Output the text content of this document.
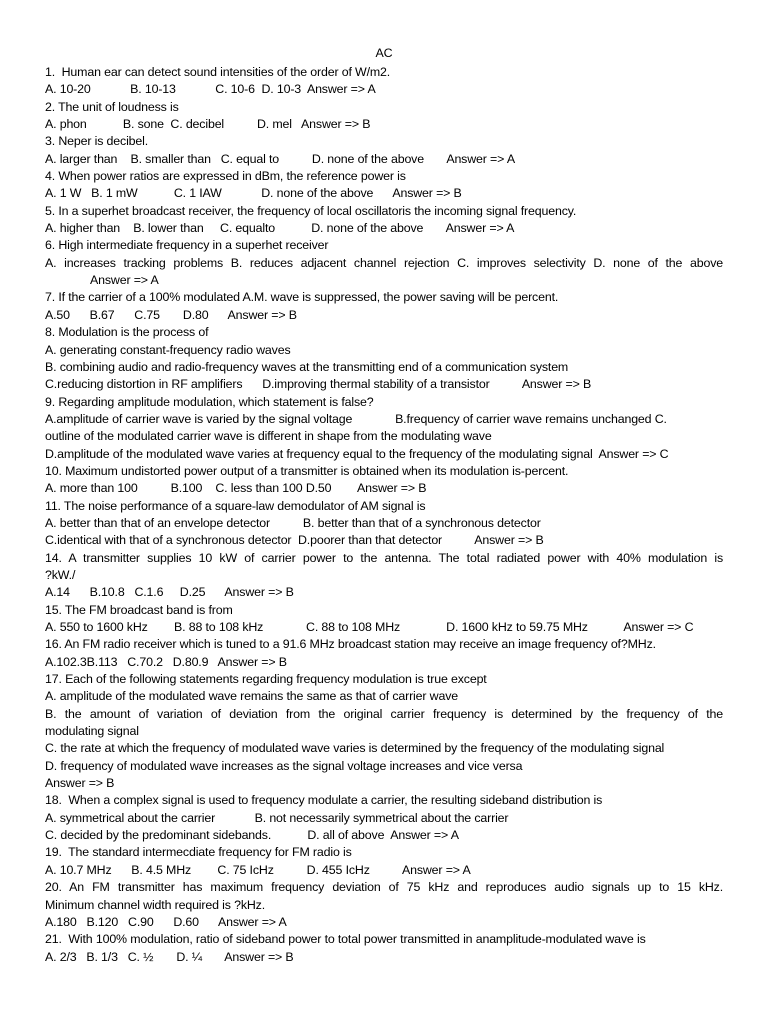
AC
1.  Human ear can detect sound intensities of the order of W/m2.
A. 10-20            B. 10-13            C. 10-6  D. 10-3  Answer => A
2. The unit of loudness is
A. phon           B. sone  C. decibel          D. mel   Answer => B
3. Neper is decibel.
A. larger than    B. smaller than   C. equal to          D. none of the above       Answer => A
4. When power ratios are expressed in dBm, the reference power is
A. 1 W   B. 1 mW           C. 1 IAW            D. none of the above      Answer => B
5. In a superhet broadcast receiver, the frequency of local oscillatoris the incoming signal frequency.
A. higher than    B. lower than     C. equalto           D. none of the above       Answer => A
6. High intermediate frequency in a superhet receiver
A. increases tracking problems B. reduces adjacent channel rejection C. improves selectivity D. none of the above
Answer => A
7. If the carrier of a 100% modulated A.M. wave is suppressed, the power saving will be percent.
A.50      B.67      C.75       D.80      Answer => B
8. Modulation is the process of
A. generating constant-frequency radio waves
B. combining audio and radio-frequency waves at the transmitting end of a communication system
C.reducing distortion in RF amplifiers      D.improving thermal stability of a transistor          Answer => B
9. Regarding amplitude modulation, which statement is false?
A.amplitude of carrier wave is varied by the signal voltage             B.frequency of carrier wave remains unchanged C.
outline of the modulated carrier wave is different in shape from the modulating wave
D.amplitude of the modulated wave varies at frequency equal to the frequency of the modulating signal  Answer => C
10. Maximum undistorted power output of a transmitter is obtained when its modulation is-percent.
A. more than 100          B.100    C. less than 100 D.50        Answer => B
11. The noise performance of a square-law demodulator of AM signal is
A. better than that of an envelope detector          B. better than that of a synchronous detector
C.identical with that of a synchronous detector  D.poorer than that detector          Answer => B
14. A transmitter supplies 10 kW of carrier power to the antenna. The total radiated power with 40% modulation is
?kW./
A.14      B.10.8   C.1.6     D.25      Answer => B
15. The FM broadcast band is from
A. 550 to 1600 kHz        B. 88 to 108 kHz             C. 88 to 108 MHz              D. 1600 kHz to 59.75 MHz           Answer => C
16. An FM radio receiver which is tuned to a 91.6 MHz broadcast station may receive an image frequency of?MHz.
A.102.3B.113   C.70.2   D.80.9   Answer => B
17. Each of the following statements regarding frequency modulation is true except
A. amplitude of the modulated wave remains the same as that of carrier wave
B. the amount of variation of deviation from the original carrier frequency is determined by the frequency of the
modulating signal
C. the rate at which the frequency of modulated wave varies is determined by the frequency of the modulating signal
D. frequency of modulated wave increases as the signal voltage increases and vice versa
Answer => B
18.  When a complex signal is used to frequency modulate a carrier, the resulting sideband distribution is
A. symmetrical about the carrier            B. not necessarily symmetrical about the carrier
C. decided by the predominant sidebands.           D. all of above  Answer => A
19.  The standard intermecdiate frequency for FM radio is
A. 10.7 MHz      B. 4.5 MHz        C. 75 IcHz          D. 455 IcHz          Answer => A
20. An FM transmitter has maximum frequency deviation of 75 kHz and reproduces audio signals up to 15 kHz.
Minimum channel width required is ?kHz.
A.180   B.120   C.90      D.60      Answer => A
21.  With 100% modulation, ratio of sideband power to total power transmitted in anamplitude-modulated wave is
A. 2/3   B. 1/3   C. ½       D. ¼       Answer => B
